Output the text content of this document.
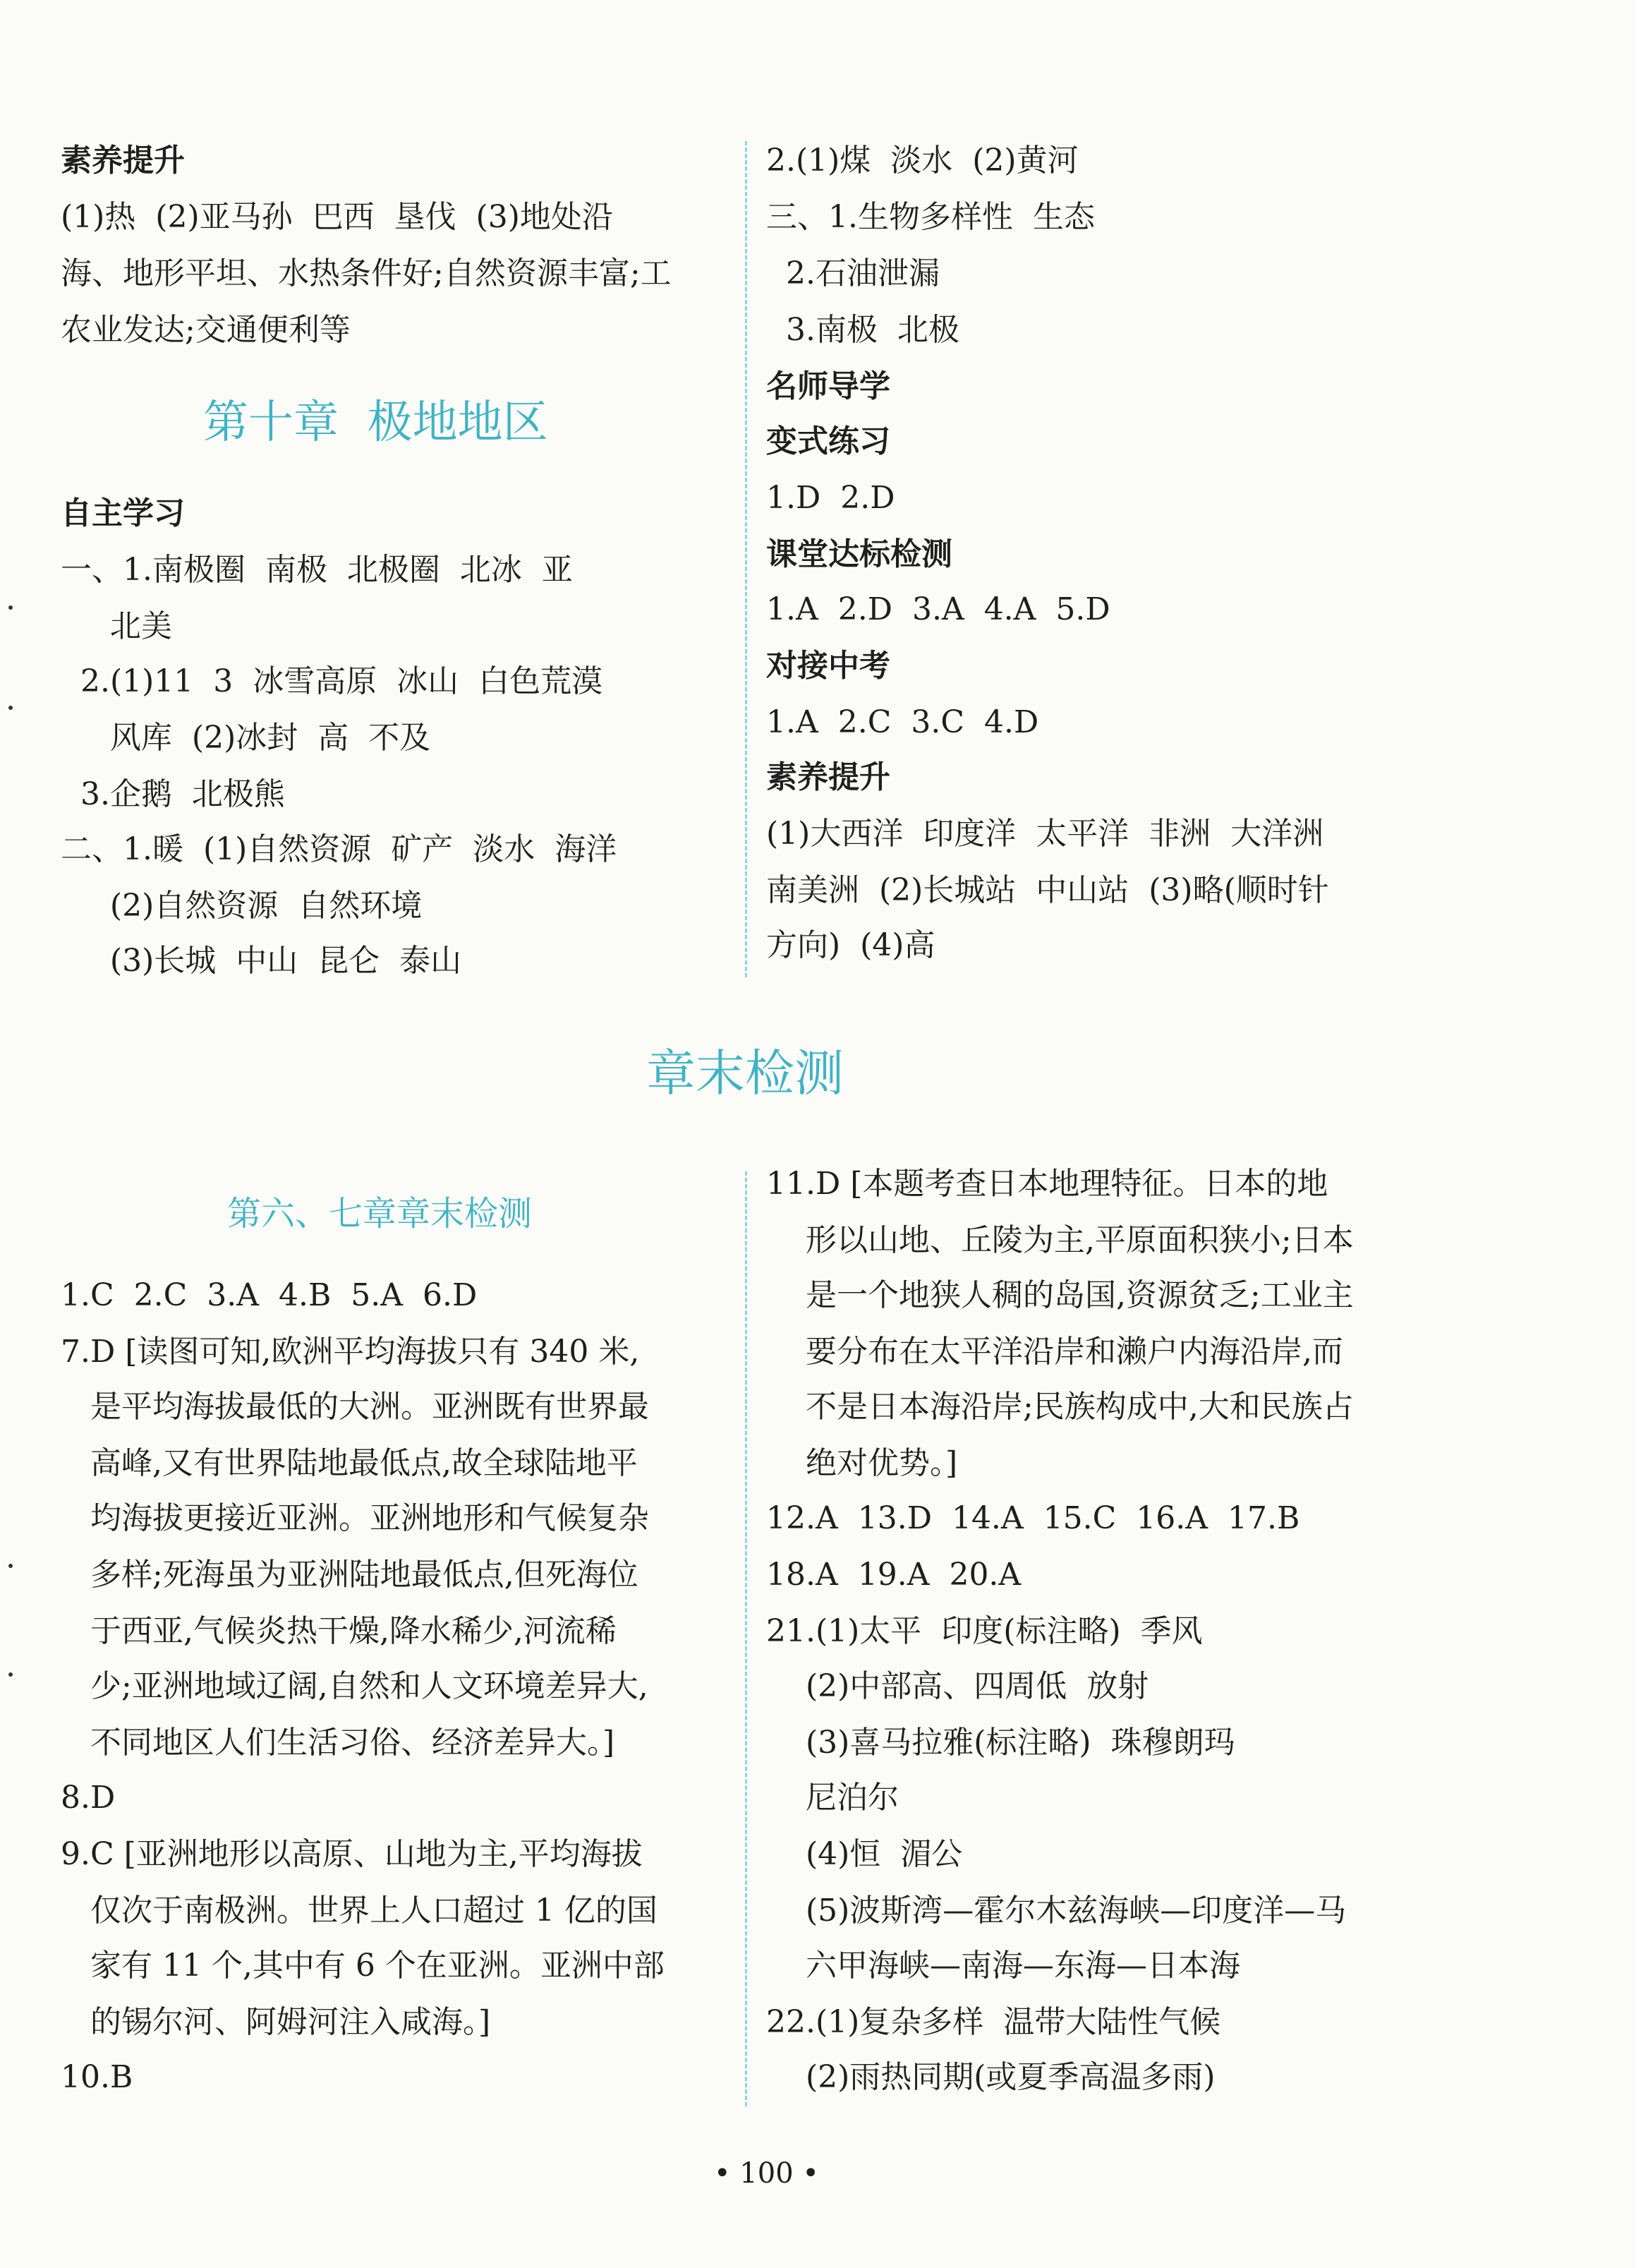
素养提升
(1)热  (2)亚马孙  巴西  垦伐  (3)地处沿
海、地形平坦、水热条件好;自然资源丰富;工
农业发达;交通便利等
第十章  极地地区
自主学习
一、1.南极圈  南极  北极圈  北冰  亚
北美
2.(1)11  3  冰雪高原  冰山  白色荒漠
风库  (2)冰封  高  不及
3.企鹅  北极熊
二、1.暖  (1)自然资源  矿产  淡水  海洋
(2)自然资源  自然环境
(3)长城  中山  昆仑  泰山
2.(1)煤  淡水  (2)黄河
三、1.生物多样性  生态
2.石油泄漏
3.南极  北极
名师导学
变式练习
1.D  2.D
课堂达标检测
1.A  2.D  3.A  4.A  5.D
对接中考
1.A  2.C  3.C  4.D
素养提升
(1)大西洋  印度洋  太平洋  非洲  大洋洲
南美洲  (2)长城站  中山站  (3)略(顺时针
方向)  (4)高
章末检测
第六、七章章末检测
1.C  2.C  3.A  4.B  5.A  6.D
7.D [读图可知,欧洲平均海拔只有 340 米,
是平均海拔最低的大洲。亚洲既有世界最
高峰,又有世界陆地最低点,故全球陆地平
均海拔更接近亚洲。亚洲地形和气候复杂
多样;死海虽为亚洲陆地最低点,但死海位
于西亚,气候炎热干燥,降水稀少,河流稀
少;亚洲地域辽阔,自然和人文环境差异大,
不同地区人们生活习俗、经济差异大。]
8.D
9.C [亚洲地形以高原、山地为主,平均海拔
仅次于南极洲。世界上人口超过 1 亿的国
家有 11 个,其中有 6 个在亚洲。亚洲中部
的锡尔河、阿姆河注入咸海。]
10.B
11.D [本题考查日本地理特征。日本的地
形以山地、丘陵为主,平原面积狭小;日本
是一个地狭人稠的岛国,资源贫乏;工业主
要分布在太平洋沿岸和濑户内海沿岸,而
不是日本海沿岸;民族构成中,大和民族占
绝对优势。]
12.A  13.D  14.A  15.C  16.A  17.B
18.A  19.A  20.A
21.(1)太平  印度(标注略)  季风
(2)中部高、四周低  放射
(3)喜马拉雅(标注略)  珠穆朗玛
尼泊尔
(4)恒  湄公
(5)波斯湾—霍尔木兹海峡—印度洋—马
六甲海峡—南海—东海—日本海
22.(1)复杂多样  温带大陆性气候
(2)雨热同期(或夏季高温多雨)
• 100 •
